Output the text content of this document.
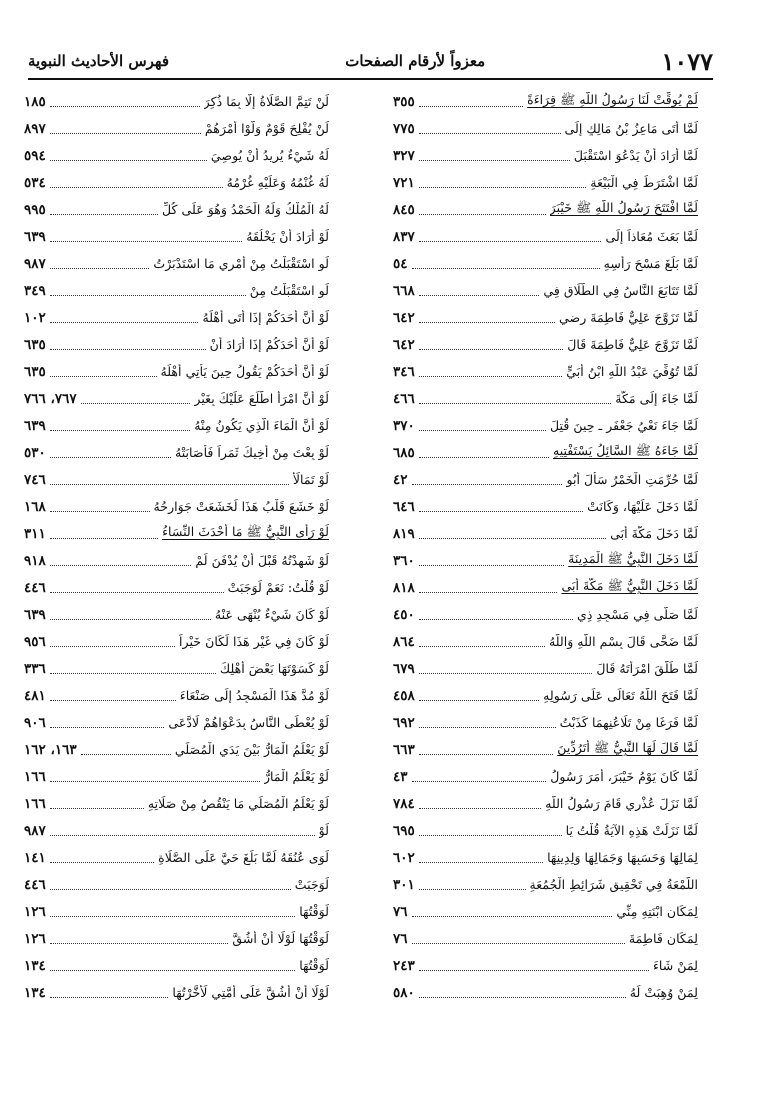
١٠٧٧
معزواً لأرقام الصفحات
فهرس الأحاديث النبوية
لَمْ يُوقِّتْ لَنَا رَسُولُ اللَّهِ ﷺ قِرَاءَةً
٣٥٥
لَمَّا أَتَى مَاعِزُ بْنُ مَالِكٍ إِلَى
٧٧٥
لَمَّا أَرَادَ أَنْ يَدْعُوَ اسْتَقْبَلَ
٣٢٧
لَمَّا اشْتَرَطَ فِي الْبَيْعَةِ
٧٢١
لَمَّا افْتَتَحَ رَسُولُ اللَّهِ ﷺ خَيْبَرَ
٨٤٥
لَمَّا بَعَثَ مُعَاذاً إِلَى
٨٣٧
لَمَّا بَلَغَ مَسْحَ رَأْسِهِ
٥٤
لَمَّا تَتَابَعَ النَّاسُ فِي الطَّلَاقِ فِي
٦٦٨
لَمَّا تَزَوَّجَ عَلِيٌّ فَاطِمَةَ رضي
٦٤٢
لَمَّا تَزَوَّجَ عَلِيٌّ فَاطِمَةَ قَالَ
٦٤٢
لَمَّا تُوُفِّيَ عَبْدُ اللَّهِ ابْنُ أُبَيٍّ
٣٤٦
لَمَّا جَاءَ إِلَى مَكَّةَ
٤٦٦
لَمَّا جَاءَ نَعْيُ جَعْفَرٍ ـ حِينَ قُتِلَ
٣٧٠
لَمَّا جَاءَهُ ﷺ السَّائِلُ يَسْتَفْتِيهِ
٦٨٥
لَمَّا حُرِّمَتِ الْخَمْرُ سَأَلَ أَبُو
٤٢
لَمَّا دَخَلَ عَلَيْهَا، وَكَانَتْ
٦٤٦
لَمَّا دَخَلَ مَكَّةَ أَبَى
٨١٩
لَمَّا دَخَلَ النَّبِيُّ ﷺ الْمَدِينَةَ
٣٦٠
لَمَّا دَخَلَ النَّبِيُّ ﷺ مَكَّةَ أَبَى
٨١٨
لَمَّا صَلَّى فِي مَسْجِدِ ذِي
٤٥٠
لَمَّا ضَحَّى قَالَ بِسْمِ اللَّهِ وَاللَّهُ
٨٦٤
لَمَّا طَلَّقَ امْرَأَتَهُ قَالَ
٦٧٩
لَمَّا فَتَحَ اللَّهُ تَعَالَى عَلَى رَسُولِهِ
٤٥٨
لَمَّا فَرَغَا مِنْ تَلَاعُنِهِمَا كَذَبْتُ
٦٩٢
لَمَّا قَالَ لَهَا النَّبِيُّ ﷺ أَتَرُدِّينَ
٦٦٣
لَمَّا كَانَ يَوْمُ خَيْبَرَ، أَمَرَ رَسُولُ
٤٣
لَمَّا نَزَلَ عُذْرِي قَامَ رَسُولُ اللَّهِ
٧٨٤
لَمَّا نَزَلَتْ هَذِهِ الآيَةُ قُلْتُ يَا
٦٩٥
لِمَالِهَا وَحَسَبِهَا وَجَمَالِهَا وَلِدِينِهَا
٦٠٢
اللُّمْعَةُ فِي تَحْقِيقِ شَرَائِطِ الْجُمُعَةِ
٣٠١
لِمَكَانِ ابْنَتِهِ مِنِّي
٧٦
لِمَكَانِ فَاطِمَةَ
٧٦
لِمَنْ شَاءَ
٢٤٣
لِمَنْ وُهِبَتْ لَهُ
٥٨٠
لَنْ تَتِمَّ الصَّلَاةُ إِلَّا بِمَا ذُكِرَ
١٨٥
لَنْ يُفْلِحَ قَوْمٌ وَلَّوْا أَمْرَهُمْ
٨٩٧
لَهُ شَيْءٌ يُرِيدُ أَنْ يُوصِيَ
٥٩٤
لَهُ غُنْمُهُ وَعَلَيْهِ غُرْمُهُ
٥٣٤
لَهُ الْمُلْكُ وَلَهُ الْحَمْدُ وَهُوَ عَلَى كُلِّ
٩٩٥
لَوْ أَرَادَ أَنْ يَخْلُقَهُ
٦٣٩
لَوِ اسْتَقْبَلْتُ مِنْ أَمْرِي مَا اسْتَدْبَرْتُ
٩٨٧
لَوِ اسْتَقْبَلْتُ مِنْ
٣٤٩
لَوْ أَنَّ أَحَدَكُمْ إِذَا أَتَى أَهْلَهُ
١٠٢
لَوْ أَنَّ أَحَدَكُمْ إِذَا أَرَادَ أَنْ
٦٣٥
لَوْ أَنَّ أَحَدَكُمْ يَقُولُ حِينَ يَأْتِي أَهْلَهُ
٦٣٥
لَوْ أَنَّ امْرَأً اطَّلَعَ عَلَيْكَ بِغَيْرِ
٧٦٧، ٧٦٦
لَوْ أَنَّ الْمَاءَ الَّذِي يَكُونُ مِنْهُ
٦٣٩
لَوْ بِعْتَ مِنْ أَخِيكَ ثَمَراً فَأَصَابَتْهُ
٥٣٠
لَوْ تَمَالَأَ
٧٤٦
لَوْ خَشَعَ قَلْبُ هَذَا لَخَشَعَتْ جَوَارِحُهُ
١٦٨
لَوْ رَأَى النَّبِيُّ ﷺ مَا أَحْدَثَ النِّسَاءُ
٣١١
لَوْ شَهِدْتُهُ قَبْلَ أَنْ يُدْفَنَ لَمْ
٩١٨
لَوْ قُلْتُ: نَعَمْ لَوَجَبَتْ
٤٤٦
لَوْ كَانَ شَيْءٌ يُنْهَى عَنْهُ
٦٣٩
لَوْ كَانَ فِي غَيْرِ هَذَا لَكَانَ خَيْراً
٩٥٦
لَوْ كَسَوْتَهَا بَعْضَ أَهْلِكَ
٣٣٦
لَوْ مُدَّ هَذَا الْمَسْجِدُ إِلَى صَنْعَاءَ
٤٨١
لَوْ يُعْطَى النَّاسُ بِدَعْوَاهُمْ لَادَّعَى
٩٠٦
لَوْ يَعْلَمُ الْمَارُّ بَيْنَ يَدَيِ الْمُصَلِّي
١٦٣، ١٦٢
لَوْ يَعْلَمُ الْمَارُّ
١٦٦
لَوْ يَعْلَمُ الْمُصَلِّي مَا يَنْقُصُ مِنْ صَلَاتِهِ
١٦٦
لَوْ
٩٨٧
لَوَى عُنُقَهُ لَمَّا بَلَغَ حَيَّ عَلَى الصَّلَاةِ
١٤١
لَوَجَبَتْ
٤٤٦
لَوَقْتُهَا
١٢٦
لَوَقْتُهَا لَوْلَا أَنْ أَشُقَّ
١٢٦
لَوَقْتُهَا
١٣٤
لَوْلَا أَنْ أَشُقَّ عَلَى أُمَّتِي لَأَخَّرْتُهَا
١٣٤
